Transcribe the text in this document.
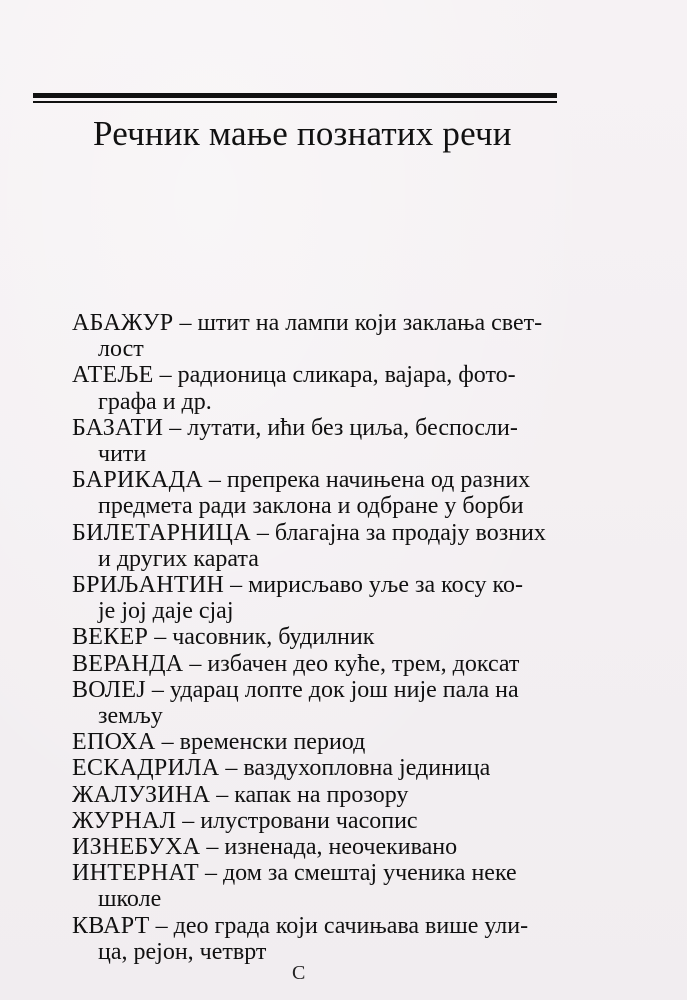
Речник мање познатих речи

АБАЖУР – штит на лампи који заклања свет-
лост

АТЕЉЕ – радионица сликара, вајара, фото-
графа и др.

БАЗАТИ – лутати, ићи без циља, беспосли-
чити

БАРИКАДА – препрека начињена од разних
предмета ради заклона и одбране у борби

БИЛЕТАРНИЦА – благајна за продају возних
и других карата

БРИЉАНТИН – мирисљаво уље за косу ко-
је јој даје сјај

ВЕКЕР – часовник, будилник

ВЕРАНДА – избачен део куће, трем, доксат

ВОЛЕЈ – ударац лопте док још није пала на
земљу

ЕПОХА – временски период

ЕСКАДРИЛА – ваздухопловна јединица

ЖАЛУЗИНА – капак на прозору

ЖУРНАЛ – илустровани часопис

ИЗНЕБУХА – изненада, неочекивано

ИНТЕРНАТ – дом за смештај ученика неке
школе

КВАРТ – део града који сачињава више ули-
ца, рејон, четврт

С
